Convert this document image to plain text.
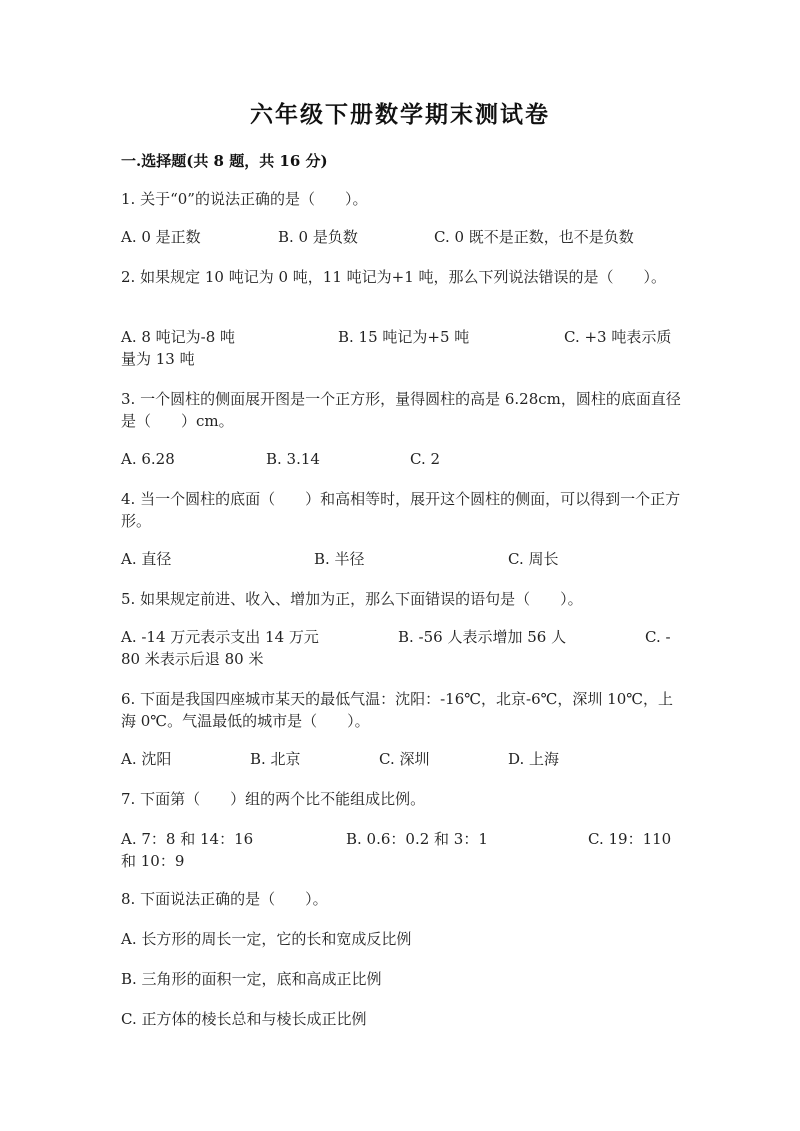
六年级下册数学期末测试卷
一.选择题(共 8 题，共 16 分)
1. 关于“0”的说法正确的是（　　）。
A. 0 是正数	B. 0 是负数	C. 0 既不是正数，也不是负数
2. 如果规定 10 吨记为 0 吨，11 吨记为+1 吨，那么下列说法错误的是（　　）。
A. 8 吨记为-8 吨	B. 15 吨记为+5 吨	C. +3 吨表示质
量为 13 吨
3. 一个圆柱的侧面展开图是一个正方形，量得圆柱的高是 6.28cm，圆柱的底面直径是（　　）cm。
A. 6.28	B. 3.14	C. 2
4. 当一个圆柱的底面（　　）和高相等时，展开这个圆柱的侧面，可以得到一个正方形。
A. 直径	B. 半径	C. 周长
5. 如果规定前进、收入、增加为正，那么下面错误的语句是（　　）。
A. -14 万元表示支出 14 万元	B. -56 人表示增加 56 人	C. -
80 米表示后退 80 米
6. 下面是我国四座城市某天的最低气温：沈阳：-16℃，北京-6℃，深圳 10℃，上海 0℃。气温最低的城市是（　　）。
A. 沈阳	B. 北京	C. 深圳	D. 上海
7. 下面第（　　）组的两个比不能组成比例。
A. 7：8 和 14：16	B. 0.6：0.2 和 3：1	C. 19：110
和 10：9
8. 下面说法正确的是（　　）。
A. 长方形的周长一定，它的长和宽成反比例
B. 三角形的面积一定，底和高成正比例
C. 正方体的棱长总和与棱长成正比例
